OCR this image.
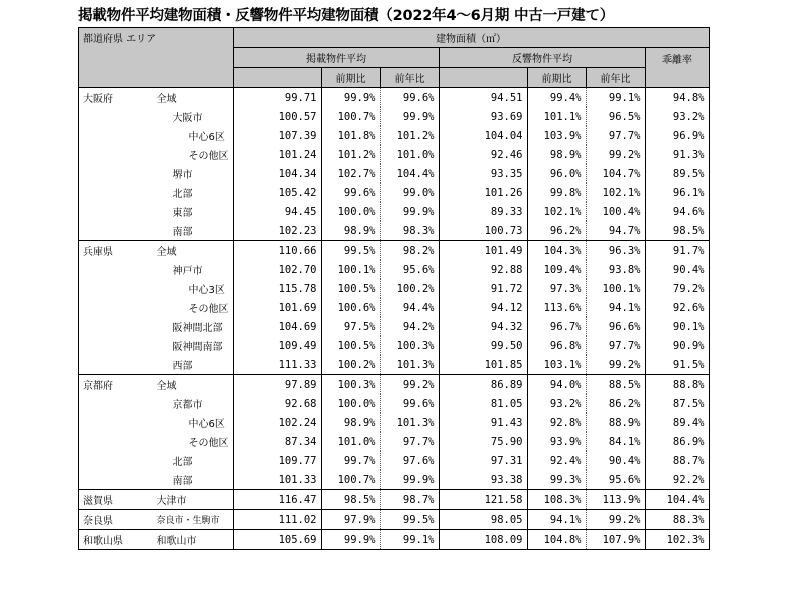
掲載物件平均建物面積・反響物件平均建物面積（2022年4～6月期 中古一戸建て）
都道府県 エリア		建物面積（㎡）						
		掲載物件平均			反響物件平均			乖離率
			前期比	前年比		前期比	前年比	
大阪府	全域	99.71	99.9%	99.6%	94.51	99.4%	99.1%	94.8%
	大阪市	100.57	100.7%	99.9%	93.69	101.1%	96.5%	93.2%
	中心6区	107.39	101.8%	101.2%	104.04	103.9%	97.7%	96.9%
	その他区	101.24	101.2%	101.0%	92.46	98.9%	99.2%	91.3%
	堺市	104.34	102.7%	104.4%	93.35	96.0%	104.7%	89.5%
	北部	105.42	99.6%	99.0%	101.26	99.8%	102.1%	96.1%
	東部	94.45	100.0%	99.9%	89.33	102.1%	100.4%	94.6%
	南部	102.23	98.9%	98.3%	100.73	96.2%	94.7%	98.5%
兵庫県	全域	110.66	99.5%	98.2%	101.49	104.3%	96.3%	91.7%
	神戸市	102.70	100.1%	95.6%	92.88	109.4%	93.8%	90.4%
	中心3区	115.78	100.5%	100.2%	91.72	97.3%	100.1%	79.2%
	その他区	101.69	100.6%	94.4%	94.12	113.6%	94.1%	92.6%
	阪神間北部	104.69	97.5%	94.2%	94.32	96.7%	96.6%	90.1%
	阪神間南部	109.49	100.5%	100.3%	99.50	96.8%	97.7%	90.9%
	西部	111.33	100.2%	101.3%	101.85	103.1%	99.2%	91.5%
京都府	全域	97.89	100.3%	99.2%	86.89	94.0%	88.5%	88.8%
	京都市	92.68	100.0%	99.6%	81.05	93.2%	86.2%	87.5%
	中心6区	102.24	98.9%	101.3%	91.43	92.8%	88.9%	89.4%
	その他区	87.34	101.0%	97.7%	75.90	93.9%	84.1%	86.9%
	北部	109.77	99.7%	97.6%	97.31	92.4%	90.4%	88.7%
	南部	101.33	100.7%	99.9%	93.38	99.3%	95.6%	92.2%
滋賀県	大津市	116.47	98.5%	98.7%	121.58	108.3%	113.9%	104.4%
奈良県	奈良市・生駒市	111.02	97.9%	99.5%	98.05	94.1%	99.2%	88.3%
和歌山県	和歌山市	105.69	99.9%	99.1%	108.09	104.8%	107.9%	102.3%
